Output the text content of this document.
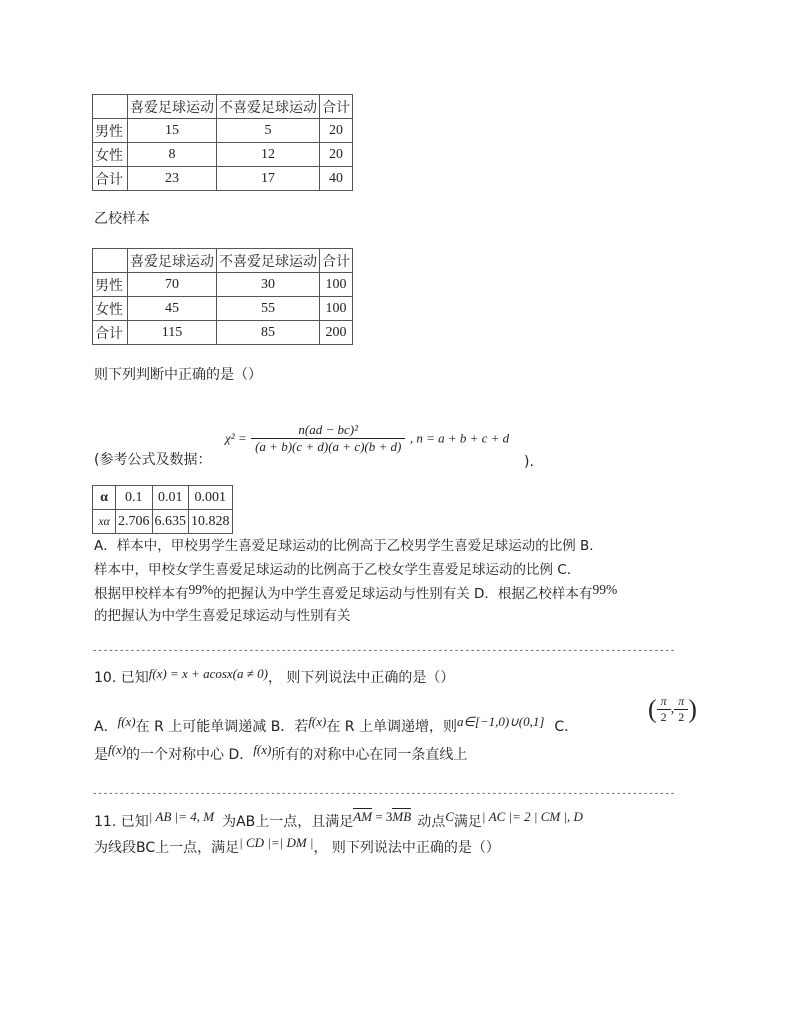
	喜爱足球运动	不喜爱足球运动	合计
男性	15	5	20
女性	8	12	20
合计	23	17	40
乙校样本
	喜爱足球运动	不喜爱足球运动	合计
男性	70	30	100
女性	45	55	100
合计	115	85	200
则下列判断中正确的是（）
(参考公式及数据：
$\chi^2 = \frac{\text{n(ad − bc)²}}{(a + b)(c + d)(a + c)(b + d)}$ , n = a + b + c + d
).
α	0.1	0.01	0.001
xα	2.706	6.635	10.828
A．样本中，甲校男学生喜爱足球运动的比例高于乙校男学生喜爱足球运动的比例 B．
样本中，甲校女学生喜爱足球运动的比例高于乙校女学生喜爱足球运动的比例 C．
根据甲校样本有99%的把握认为中学生喜爱足球运动与性别有关 D．根据乙校样本有99%
的把握认为中学生喜爱足球运动与性别有关
------------------------------------------------------------------------------------------------------------
10. 已知f(x) = x + acosx(a ≠ 0)， 则下列说法中正确的是（）
A．f(x)在 R 上可能单调递减 B．若f(x)在 R 上单调递增，则a∈[−1,0)∪(0,1] C．
( $\frac{\pi}{2}$ , $\frac{\pi}{2}$ )
是f(x)的一个对称中心 D．f(x)所有的对称中心在同一条直线上
------------------------------------------------------------------------------------------------------------
11. 已知| AB |= 4, M 为AB上一点，且满足AM = 3MB 动点C满足| AC |= 2 | CM |, D
为线段BC上一点，满足| CD |=| DM |， 则下列说法中正确的是（）
